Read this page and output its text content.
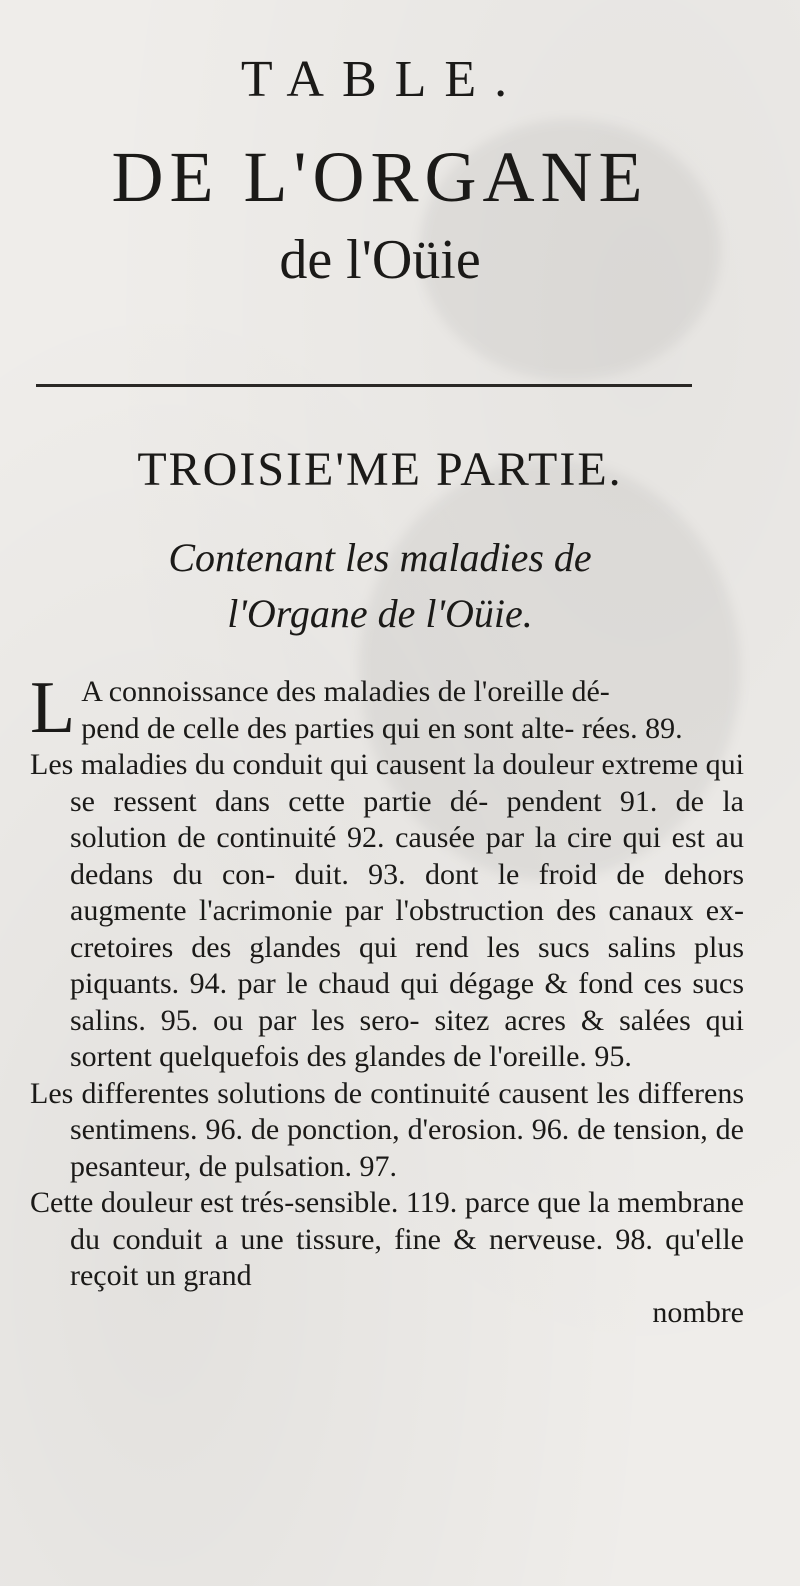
TABLE.

DE L'ORGANE

de l'Oüie

TROISIE'ME PARTIE.

Contenant les maladies de
l'Organe de l'Oüie.

L A connoissance des maladies de l'oreille dé-
pend de celle des parties qui en sont alte- rées. 89.

Les maladies du conduit qui causent la douleur extreme qui se ressent dans cette partie dé- pendent 91. de la solution de continuité 92. causée par la cire qui est au dedans du con- duit. 93. dont le froid de dehors augmente l'acrimonie par l'obstruction des canaux ex- cretoires des glandes qui rend les sucs salins plus piquants. 94. par le chaud qui dégage & fond ces sucs salins. 95. ou par les sero- sitez acres & salées qui sortent quelquefois des glandes de l'oreille. 95.

Les differentes solutions de continuité causent les differens sentimens. 96. de ponction, d'erosion. 96. de tension, de pesanteur, de pulsation. 97.

Cette douleur est trés-sensible. 119. parce que la membrane du conduit a une tissure, fine & nerveuse. 98. qu'elle reçoit un grand

nombre
